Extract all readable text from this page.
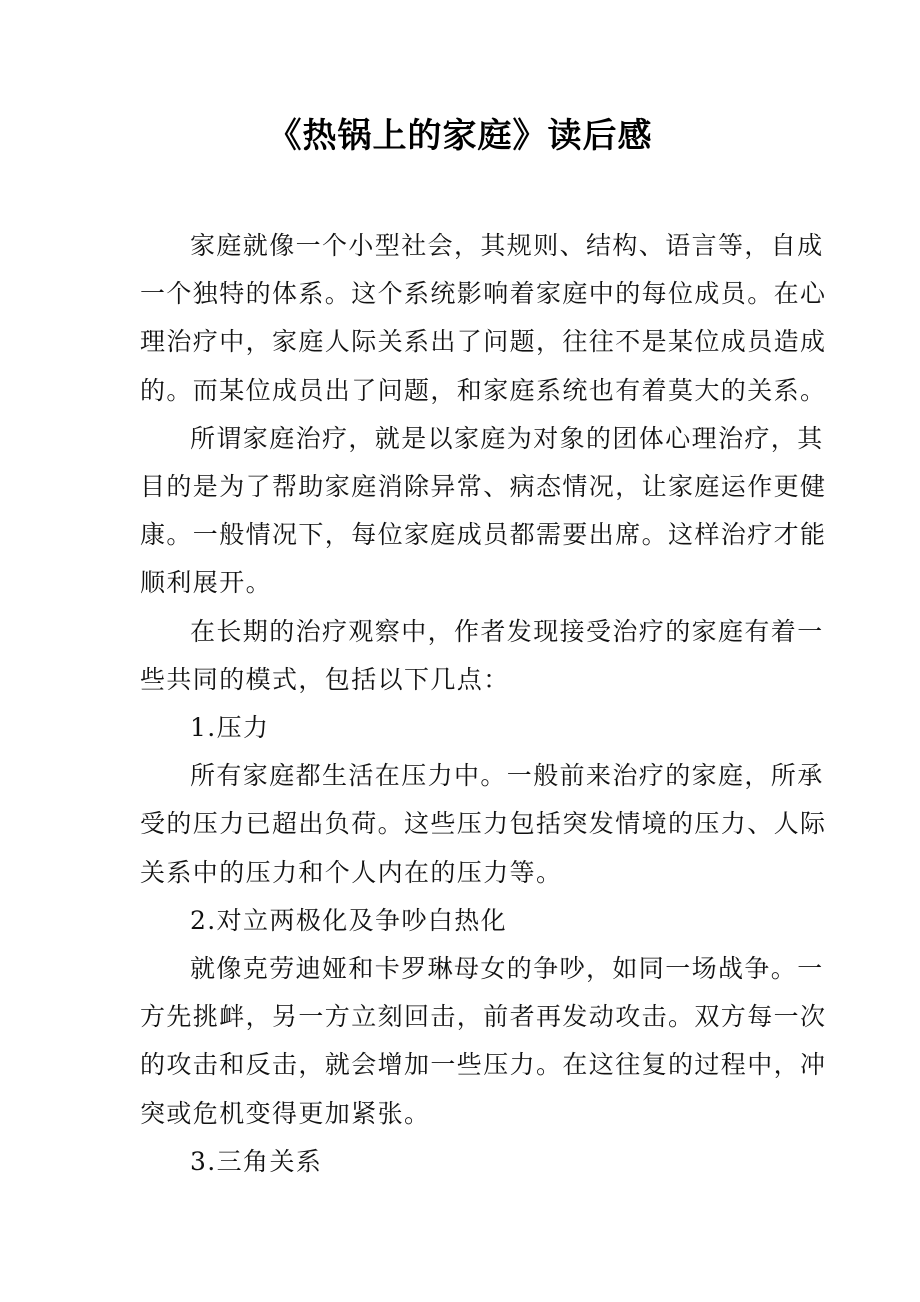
《热锅上的家庭》读后感

家庭就像一个小型社会，其规则、结构、语言等，自成
一个独特的体系。这个系统影响着家庭中的每位成员。在心
理治疗中，家庭人际关系出了问题，往往不是某位成员造成
的。而某位成员出了问题，和家庭系统也有着莫大的关系。

所谓家庭治疗，就是以家庭为对象的团体心理治疗，其
目的是为了帮助家庭消除异常、病态情况，让家庭运作更健
康。一般情况下，每位家庭成员都需要出席。这样治疗才能
顺利展开。

在长期的治疗观察中，作者发现接受治疗的家庭有着一
些共同的模式，包括以下几点：

1.压力

所有家庭都生活在压力中。一般前来治疗的家庭，所承
受的压力已超出负荷。这些压力包括突发情境的压力、人际
关系中的压力和个人内在的压力等。

2.对立两极化及争吵白热化

就像克劳迪娅和卡罗琳母女的争吵，如同一场战争。一
方先挑衅，另一方立刻回击，前者再发动攻击。双方每一次
的攻击和反击，就会增加一些压力。在这往复的过程中，冲
突或危机变得更加紧张。

3.三角关系
